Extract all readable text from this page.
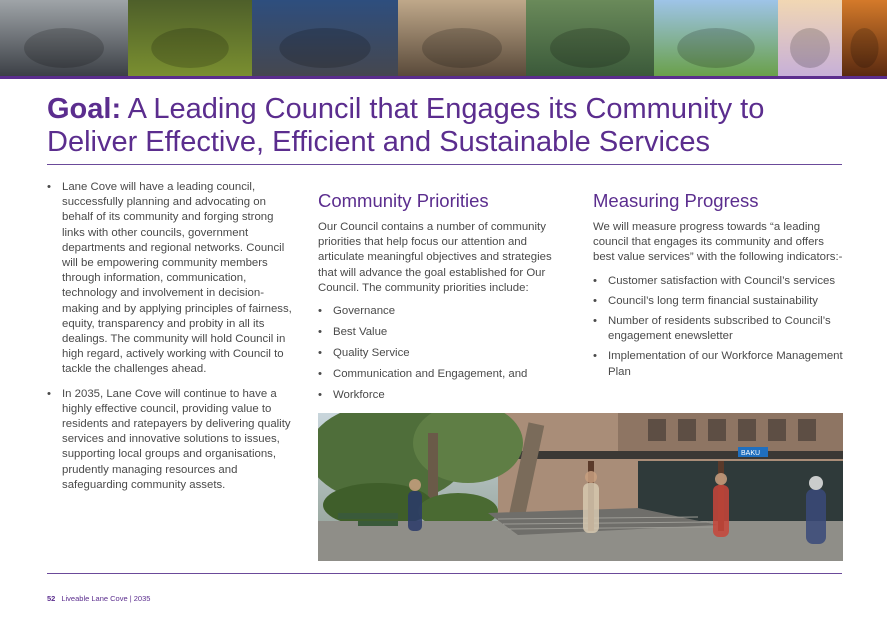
Goal: A Leading Council that Engages its Community to Deliver Effective, Efficient and Sustainable Services
• Lane Cove will have a leading council, successfully planning and advocating on behalf of its community and forging strong links with other councils, government departments and regional networks. Council will be empowering community members through information, communication, technology and involvement in decision-making and by applying principles of fairness, equity, transparency and probity in all its dealings. The community will hold Council in high regard, actively working with Council to tackle the challenges ahead.
• In 2035, Lane Cove will continue to have a highly effective council, providing value to residents and ratepayers by delivering quality services and innovative solutions to issues, supporting local groups and organisations, prudently managing resources and safeguarding community assets.
Community Priorities

Our Council contains a number of community priorities that help focus our attention and articulate meaningful objectives and strategies that will advance the goal established for Our Council. The community priorities include:

• Governance
• Best Value
• Quality Service
• Communication and Engagement, and
• Workforce
Measuring Progress

We will measure progress towards “a leading council that engages its community and offers best value services” with the following indicators:-

• Customer satisfaction with Council’s services
• Council’s long term financial sustainability
• Number of residents subscribed to Council’s engagement enewsletter
• Implementation of our Workforce Management Plan
BAKU
52 Liveable Lane Cove | 2035
